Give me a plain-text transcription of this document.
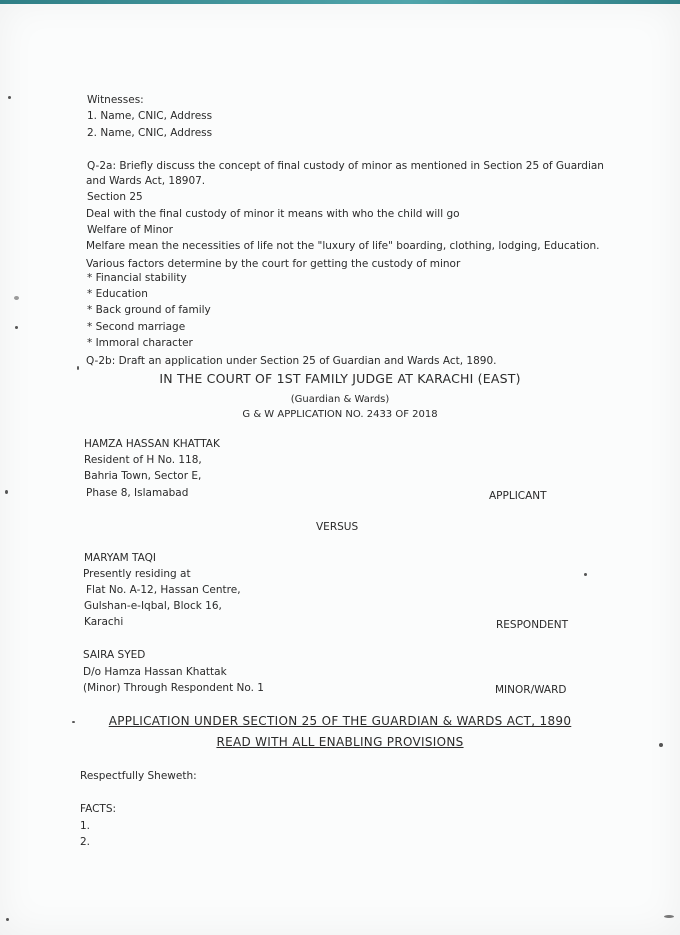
Witnesses:
1. Name, CNIC, Address
2. Name, CNIC, Address
Q-2a: Briefly discuss the concept of final custody of minor as mentioned in Section 25 of Guardian
and Wards Act, 18907.
Section 25
Deal with the final custody of minor it means with who the child will go
Welfare of Minor
Melfare mean the necessities of life not the "luxury of life" boarding, clothing, lodging, Education.
Various factors determine by the court for getting the custody of minor
* Financial stability
* Education
* Back ground of family
* Second marriage
* Immoral character
Q-2b: Draft an application under Section 25 of Guardian and Wards Act, 1890.
IN THE COURT OF 1ST FAMILY JUDGE AT KARACHI (EAST)
(Guardian & Wards)
G & W APPLICATION NO. 2433 OF 2018
HAMZA HASSAN KHATTAK
Resident of H No. 118,
Bahria Town, Sector E,
Phase 8, Islamabad	APPLICANT
VERSUS
MARYAM TAQI
Presently residing at
Flat No. A-12, Hassan Centre,
Gulshan-e-Iqbal, Block 16,
Karachi	RESPONDENT
SAIRA SYED
D/o Hamza Hassan Khattak
(Minor) Through Respondent No. 1	MINOR/WARD
APPLICATION UNDER SECTION 25 OF THE GUARDIAN & WARDS ACT, 1890
READ WITH ALL ENABLING PROVISIONS
Respectfully Sheweth:
FACTS:
1.
2.
